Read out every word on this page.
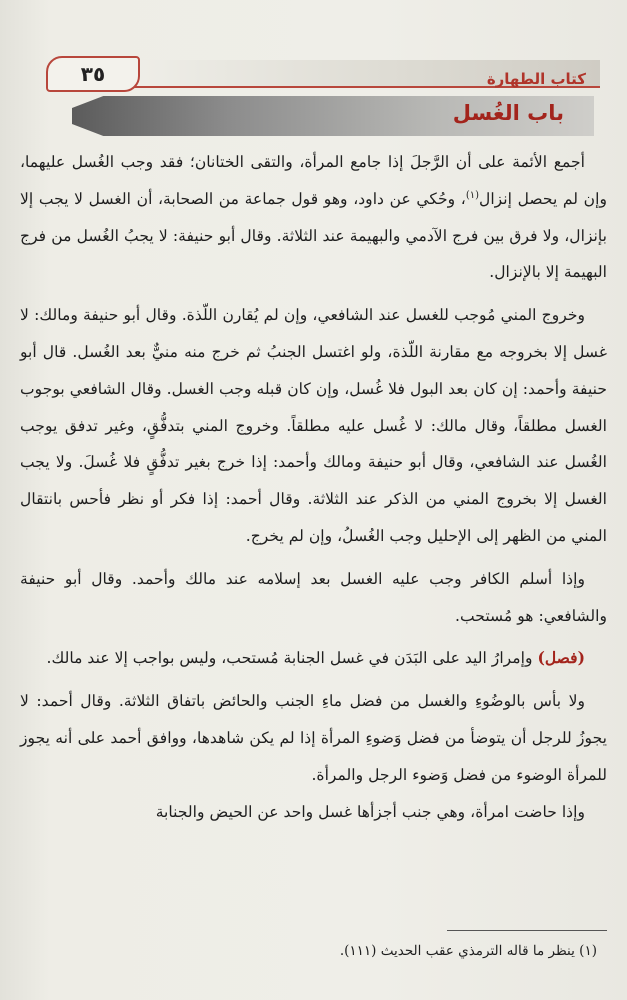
كتاب الطهارة
٣٥
باب الغُسل

أجمع الأئمة على أن الرَّجلَ إذا جامع المرأة، والتقى الختانان؛ فقد وجب الغُسل عليهما، وإن لم يحصل إنزال$^{(١)}$، وحُكي عن داود، وهو قول جماعة من الصحابة، أن الغسل لا يجب إلا بإنزال، ولا فرق بين فرج الآدمي والبهيمة عند الثلاثة. وقال أبو حنيفة: لا يجبُ الغُسل من فرج البهيمة إلا بالإنزال.

وخروج المني مُوجب للغسل عند الشافعي، وإن لم يُقارن اللّذة. وقال أبو حنيفة ومالك: لا غسل إلا بخروجه مع مقارنة اللّذة، ولو اغتسل الجنبُ ثم خرج منه منيٌّ بعد الغُسل. قال أبو حنيفة وأحمد: إن كان بعد البول فلا غُسل، وإن كان قبله وجب الغسل. وقال الشافعي بوجوب الغسل مطلقاً، وقال مالك: لا غُسل عليه مطلقاً. وخروج المني بتدفُّقٍ، وغير تدفق يوجب الغُسل عند الشافعي، وقال أبو حنيفة ومالك وأحمد: إذا خرج بغير تدفُّقٍ فلا غُسلَ. ولا يجب الغسل إلا بخروج المني من الذكر عند الثلاثة. وقال أحمد: إذا فكر أو نظر فأحس بانتقال المني من الظهر إلى الإحليل وجب الغُسلُ، وإن لم يخرج.

وإذا أسلم الكافر وجب عليه الغسل بعد إسلامه عند مالك وأحمد. وقال أبو حنيفة والشافعي: هو مُستحب.

(فصل) وإمرارُ اليد على البَدَن في غسل الجنابة مُستحب، وليس بواجب إلا عند مالك.

ولا بأس بالوضُوءِ والغسل من فضل ماءِ الجنب والحائض باتفاق الثلاثة. وقال أحمد: لا يجوزُ للرجل أن يتوضأ من فضل وَضوءِ المرأة إذا لم يكن شاهدها، ووافق أحمد على أنه يجوز للمرأة الوضوء من فضل وَضوء الرجل والمرأة.

وإذا حاضت امرأة، وهي جنب أجزأها غسل واحد عن الحيض والجنابة

(١) ينظر ما قاله الترمذي عقب الحديث (١١١).
